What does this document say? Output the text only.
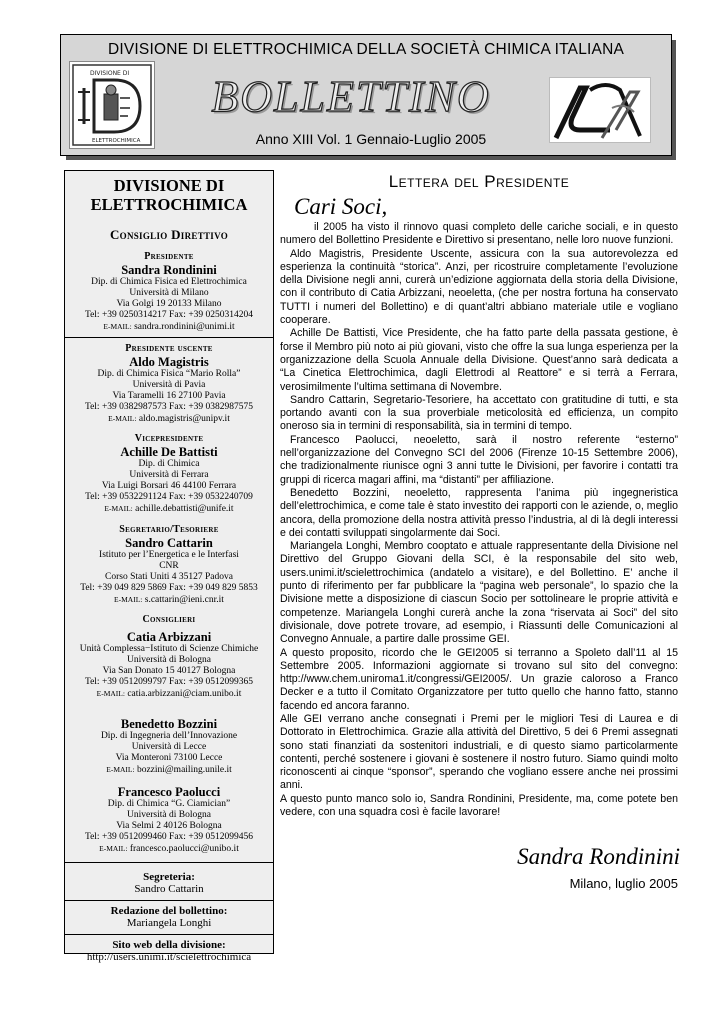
DIVISIONE DI ELETTROCHIMICA DELLA SOCIETÀ CHIMICA ITALIANA
DIVISIONE DI
ELETTROCHIMICA
BOLLETTINO
Anno XIII Vol. 1 Gennaio-Luglio 2005
DIVISIONE DI
ELETTROCHIMICA
Consiglio Direttivo
Presidente
Sandra Rondinini
Dip. di Chimica Fisica ed Elettrochimica
Università di Milano
Via Golgi 19 20133 Milano
Tel: +39 0250314217 Fax: +39 0250314204
E-MAIL: sandra.rondinini@unimi.it
Presidente uscente
Aldo Magistris
Dip. di Chimica Fisica “Mario Rolla”
Università di Pavia
Via Taramelli 16 27100 Pavia
Tel: +39 0382987573 Fax: +39 0382987575
E-MAIL: aldo.magistris@unipv.it
Vicepresidente
Achille De Battisti
Dip. di Chimica
Università di Ferrara
Via Luigi Borsari 46 44100 Ferrara
Tel: +39 0532291124 Fax: +39 0532240709
E-MAIL: achille.debattisti@unife.it
Segretario/Tesoriere
Sandro Cattarin
Istituto per l’Energetica e le Interfasi
CNR
Corso Stati Uniti 4 35127 Padova
Tel: +39 049 829 5869 Fax: +39 049 829 5853
E-MAIL: s.cattarin@ieni.cnr.it
Consiglieri
Catia Arbizzani
Unità Complessa−Istituto di Scienze Chimiche
Università di Bologna
Via San Donato 15 40127 Bologna
Tel: +39 0512099797 Fax: +39 0512099365
E-MAIL: catia.arbizzani@ciam.unibo.it
Benedetto Bozzini
Dip. di Ingegneria dell’Innovazione
Università di Lecce
Via Monteroni 73100 Lecce
E-MAIL: bozzini@mailing.unile.it
Francesco Paolucci
Dip. di Chimica “G. Ciamician”
Università di Bologna
Via Selmi 2 40126 Bologna
Tel: +39 0512099460 Fax: +39 0512099456
E-MAIL: francesco.paolucci@unibo.it
Segreteria:
Sandro Cattarin
Redazione del bollettino:
Mariangela Longhi
Sito web della divisione:
http://users.unimi.it/scielettrochimica
Lettera del Presidente
Cari Soci,

il 2005 ha visto il rinnovo quasi completo delle cariche sociali, e in questo numero del Bollettino Presidente e Direttivo si presentano, nelle loro nuove funzioni.

Aldo Magistris, Presidente Uscente, assicura con la sua autorevolezza ed esperienza la continuità “storica”. Anzi, per ricostruire completamente l’evoluzione della Divisione negli anni, curerà un’edizione aggiornata della storia della Divisione, con il contributo di Catia Arbizzani, neoeletta, (che per nostra fortuna ha conservato TUTTI i numeri del Bollettino) e di quant’altri abbiano materiale utile e vogliano cooperare.

Achille De Battisti, Vice Presidente, che ha fatto parte della passata gestione, è forse il Membro più noto ai più giovani, visto che offre la sua lunga esperienza per la organizzazione della Scuola Annuale della Divisione. Quest’anno sarà dedicata a “La Cinetica Elettrochimica, dagli Elettrodi al Reattore” e si terrà a Ferrara, verosimilmente l’ultima settimana di Novembre.

Sandro Cattarin, Segretario-Tesoriere, ha accettato con gratitudine di tutti, e sta portando avanti con la sua proverbiale meticolosità ed efficienza, un compito oneroso sia in termini di responsabilità, sia in termini di tempo.

Francesco Paolucci, neoeletto, sarà il nostro referente “esterno” nell’organizzazione del Convegno SCI del 2006 (Firenze 10-15 Settembre 2006), che tradizionalmente riunisce ogni 3 anni tutte le Divisioni, per favorire i contatti tra gruppi di ricerca magari affini, ma “distanti” per affiliazione.

Benedetto Bozzini, neoeletto, rappresenta l’anima più ingegneristica dell’elettrochimica, e come tale è stato investito dei rapporti con le aziende, o, meglio ancora, della promozione della nostra attività presso l’industria, al di là degli interessi e dei contatti sviluppati singolarmente dai Soci.

Mariangela Longhi, Membro cooptato e attuale rappresentante della Divisione nel Direttivo del Gruppo Giovani della SCI, è la responsabile del sito web, users.unimi.it/scielettrochimica (andatelo a visitare), e del Bollettino. E’ anche il punto di riferimento per far pubblicare la “pagina web personale”, lo spazio che la Divisione mette a disposizione di ciascun Socio per sottolineare le proprie attività e competenze. Mariangela Longhi curerà anche la zona “riservata ai Soci” del sito divisionale, dove potrete trovare, ad esempio, i Riassunti delle Comunicazioni al Convegno Annuale, a partire dalle prossime GEI.

A questo proposito, ricordo che le GEI2005 si terranno a Spoleto dall’11 al 15 Settembre 2005. Informazioni aggiornate si trovano sul sito del convegno: http://www.chem.uniroma1.it/congressi/GEI2005/. Un grazie caloroso a Franco Decker e a tutto il Comitato Organizzatore per tutto quello che hanno fatto, stanno facendo ed ancora faranno.

Alle GEI verrano anche consegnati i Premi per le migliori Tesi di Laurea e di Dottorato in Elettrochimica. Grazie alla attività del Direttivo, 5 dei 6 Premi assegnati sono stati finanziati da sostenitori industriali, e di questo siamo particolarmente contenti, perché sostenere i giovani è sostenere il nostro futuro. Siamo quindi molto riconoscenti ai cinque “sponsor”, sperando che vogliano essere anche nei prossimi anni.

A questo punto manco solo io, Sandra Rondinini, Presidente, ma, come potete ben vedere, con una squadra così è facile lavorare!

Sandra Rondinini
Milano, luglio 2005
